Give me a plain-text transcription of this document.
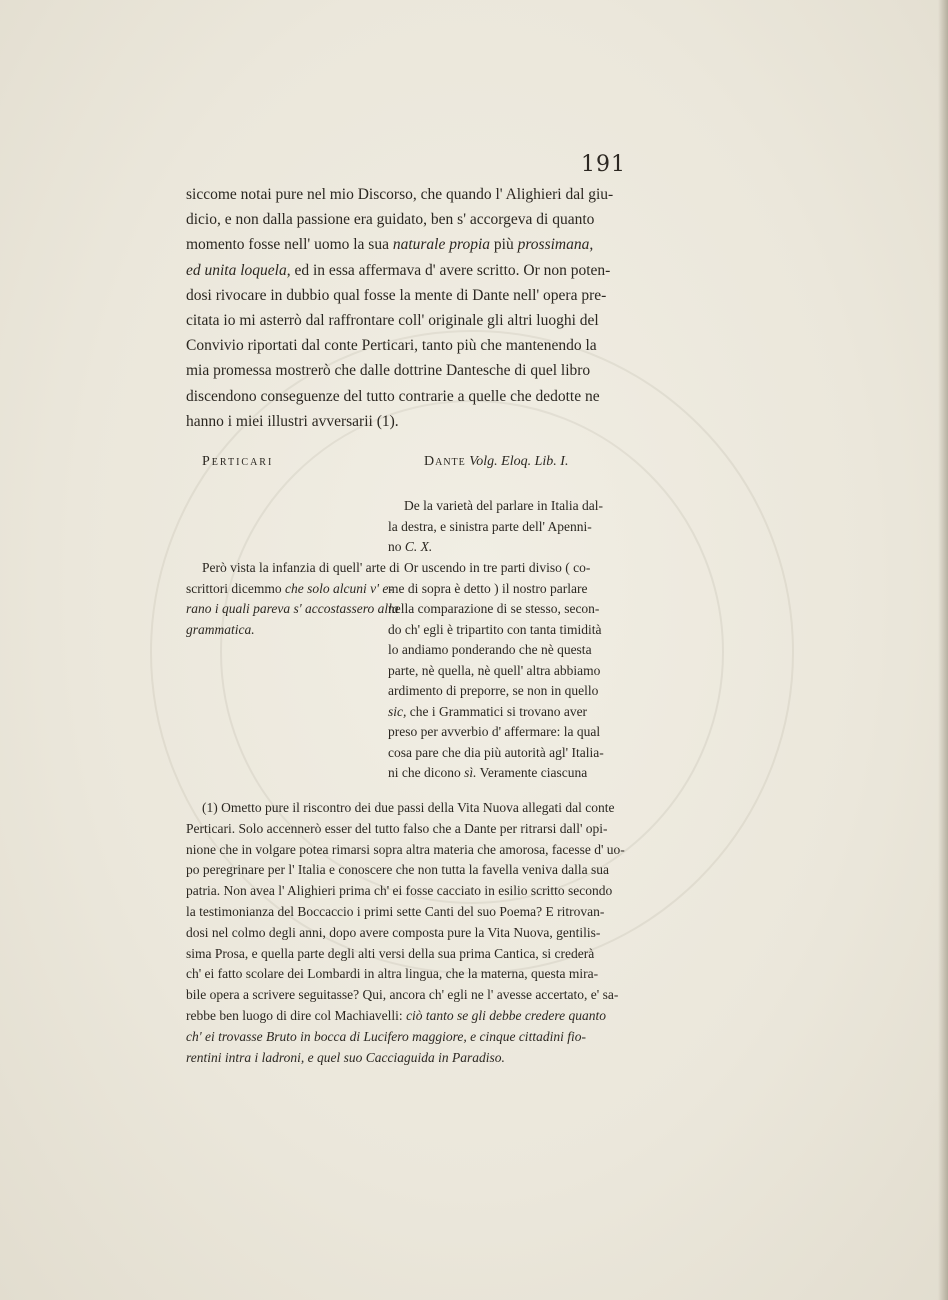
191
siccome notai pure nel mio Discorso, che quando l' Alighieri dal giu-
dicio, e non dalla passione era guidato, ben s' accorgeva di quanto
momento fosse nell' uomo la sua naturale propia più prossimana,
ed unita loquela, ed in essa affermava d' avere scritto. Or non poten-
dosi rivocare in dubbio qual fosse la mente di Dante nell' opera pre-
citata io mi asterrò dal raffrontare coll' originale gli altri luoghi del
Convivio riportati dal conte Perticari, tanto più che mantenendo la
mia promessa mostrerò che dalle dottrine Dantesche di quel libro
discendono conseguenze del tutto contrarie a quelle che dedotte ne
hanno i miei illustri avversarii (1).
Perticari	Dante Volg. Eloq. Lib. I.
De la varietà del parlare in Italia dal-
la destra, e sinistra parte dell' Apenni-
no C. X.
Però vista la infanzia di quell' arte di
scrittori dicemmo che solo alcuni v' e-
rano i quali pareva s' accostassero alla
grammatica.
Or uscendo in tre parti diviso ( co-
me di sopra è detto ) il nostro parlare
nella comparazione di se stesso, secon-
do ch' egli è tripartito con tanta timidità
lo andiamo ponderando che nè questa
parte, nè quella, nè quell' altra abbiamo
ardimento di preporre, se non in quello
sic, che i Grammatici si trovano aver
preso per avverbio d' affermare: la qual
cosa pare che dia più autorità agl' Italia-
ni che dicono sì. Veramente ciascuna
(1) Ometto pure il riscontro dei due passi della Vita Nuova allegati dal conte
Perticari. Solo accennerò esser del tutto falso che a Dante per ritrarsi dall' opi-
nione che in volgare potea rimarsi sopra altra materia che amorosa, facesse d' uo-
po peregrinare per l' Italia e conoscere che non tutta la favella veniva dalla sua
patria. Non avea l' Alighieri prima ch' ei fosse cacciato in esilio scritto secondo
la testimonianza del Boccaccio i primi sette Canti del suo Poema? E ritrovan-
dosi nel colmo degli anni, dopo avere composta pure la Vita Nuova, gentilis-
sima Prosa, e quella parte degli alti versi della sua prima Cantica, si crederà
ch' ei fatto scolare dei Lombardi in altra lingua, che la materna, questa mira-
bile opera a scrivere seguitasse? Qui, ancora ch' egli ne l' avesse accertato, e' sa-
rebbe ben luogo di dire col Machiavelli: ciò tanto se gli debbe credere quanto
ch' ei trovasse Bruto in bocca di Lucifero maggiore, e cinque cittadini fio-
rentini intra i ladroni, e quel suo Cacciaguida in Paradiso.
